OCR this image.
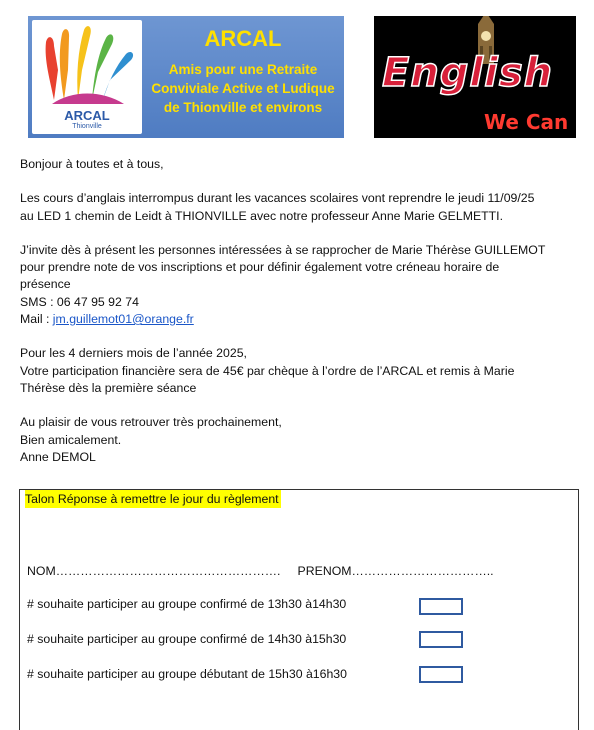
ARCAL
Thionville
ARCAL
Amis pour une Retraite
Conviviale Active et Ludique
de Thionville et environs
English
We Can

Bonjour à toutes et à tous,

Les cours d’anglais interrompus durant les vacances scolaires vont reprendre le jeudi 11/09/25

au LED 1 chemin de Leidt à THIONVILLE avec notre professeur Anne Marie GELMETTI.

J’invite dès à présent les personnes intéressées à se rapprocher de Marie Thérèse GUILLEMOT

pour prendre note de vos inscriptions et pour définir également votre créneau horaire de

présence

SMS : 06 47 95 92 74

Mail : jm.guillemot01@orange.fr

Pour les 4 derniers mois de l’année 2025,

Votre participation financière sera de 45€ par chèque à l’ordre de l’ARCAL et remis à Marie

Thérèse dès la première séance

Au plaisir de vous retrouver très prochainement,

Bien amicalement.

Anne DEMOL

Talon Réponse à remettre le jour du règlement
NOM……………………………………………….     PRENOM……………………………..
# souhaite participer au groupe confirmé de 13h30 à14h30
# souhaite participer au groupe confirmé de 14h30 à15h30
# souhaite participer au groupe débutant de 15h30 à16h30
